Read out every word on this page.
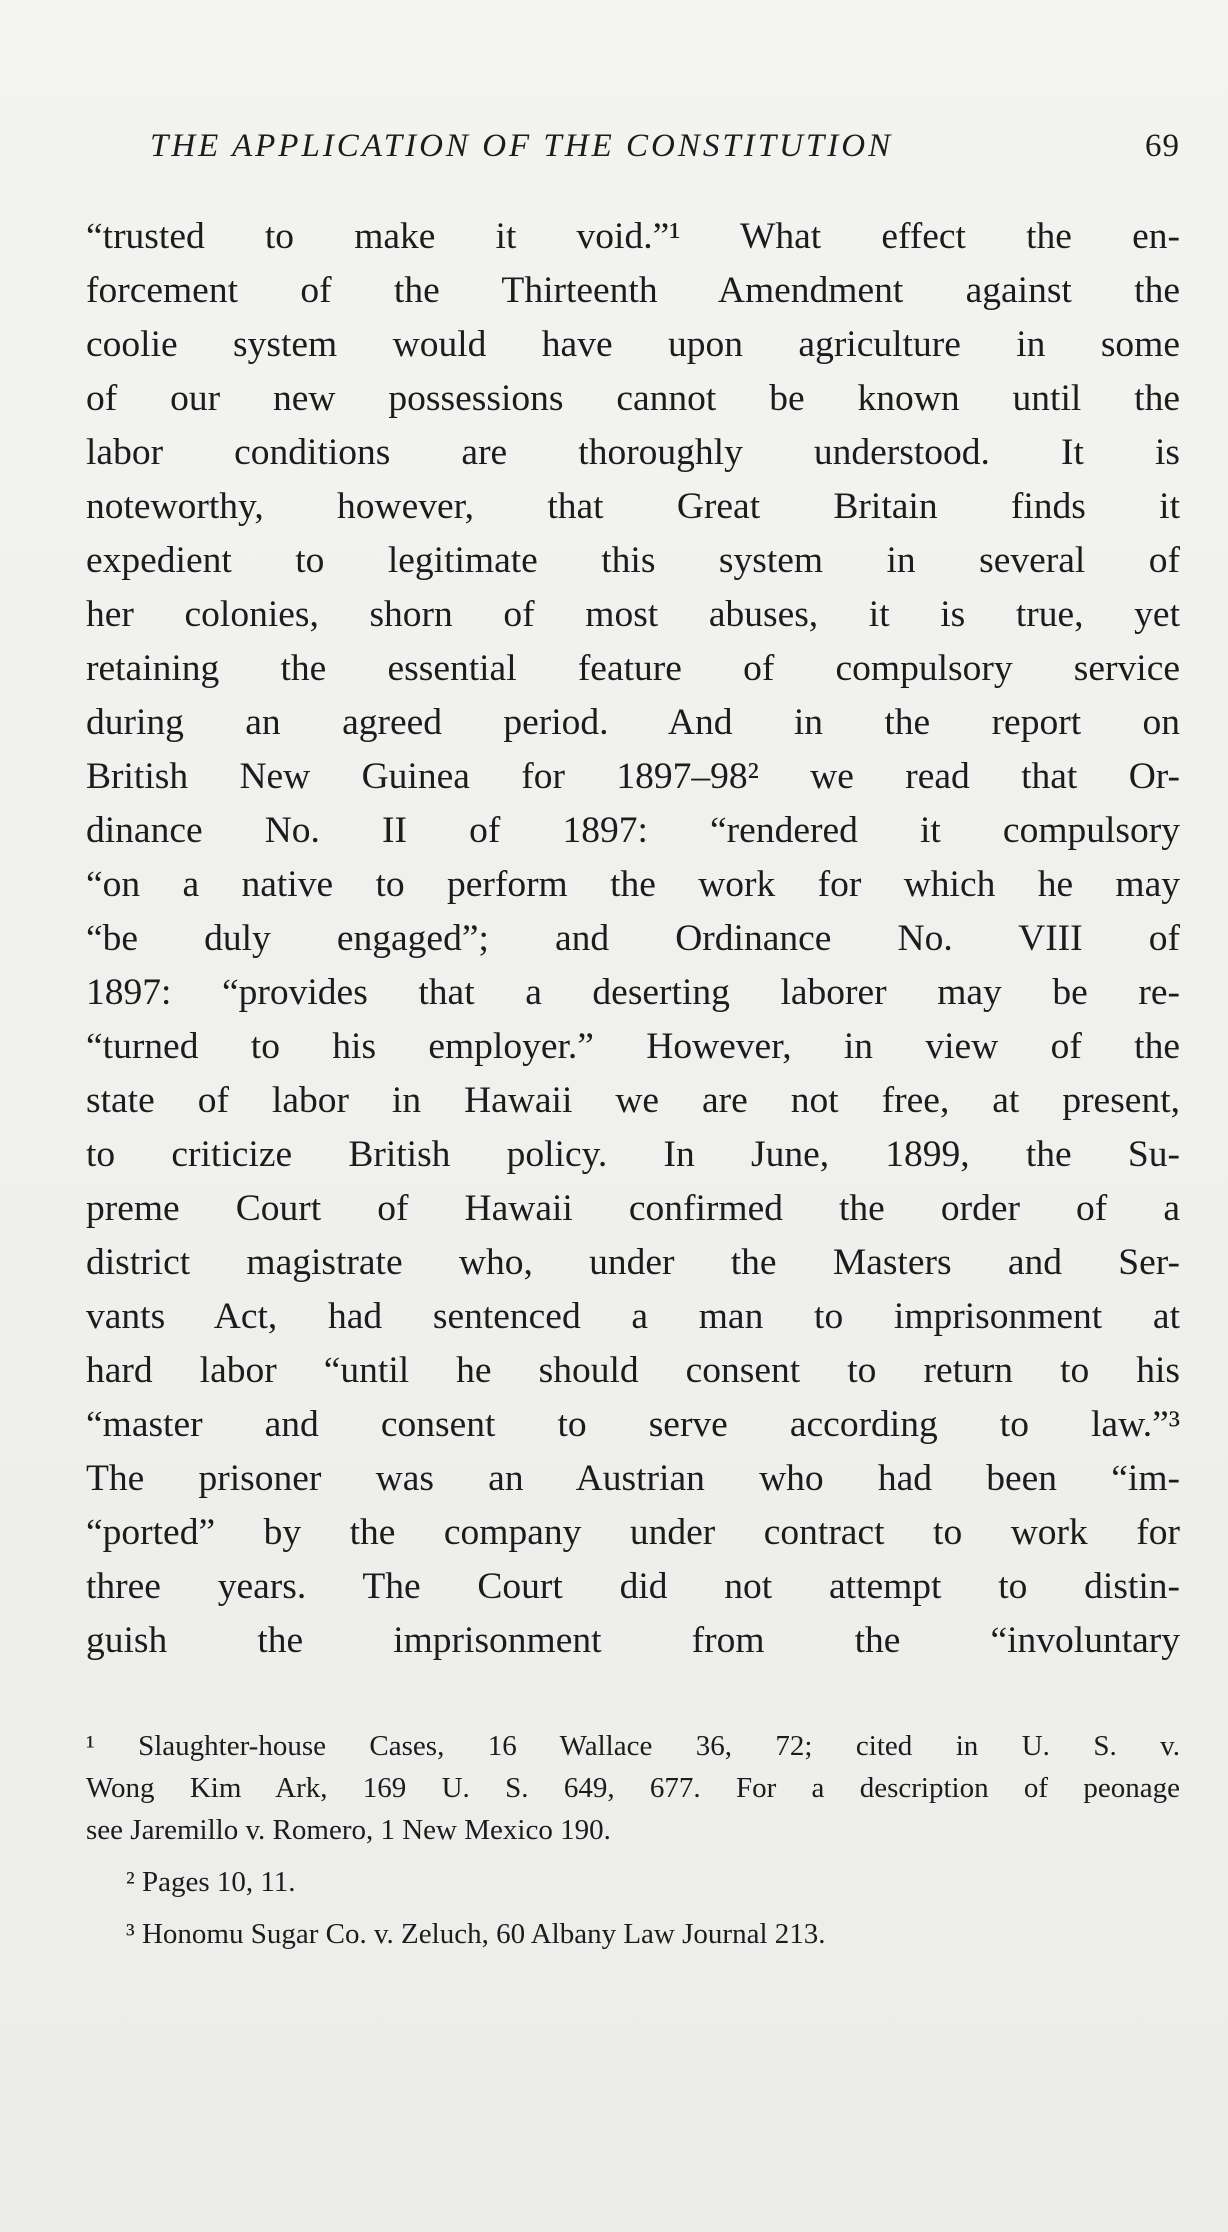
THE APPLICATION OF THE CONSTITUTION	69
“trusted to make it void.”¹ What effect the en-
forcement of the Thirteenth Amendment against the
coolie system would have upon agriculture in some
of our new possessions cannot be known until the
labor conditions are thoroughly understood. It is
noteworthy, however, that Great Britain finds it
expedient to legitimate this system in several of
her colonies, shorn of most abuses, it is true, yet
retaining the essential feature of compulsory service
during an agreed period. And in the report on
British New Guinea for 1897–98² we read that Or-
dinance No. II of 1897: “rendered it compulsory
“on a native to perform the work for which he may
“be duly engaged”; and Ordinance No. VIII of
1897: “provides that a deserting laborer may be re-
“turned to his employer.” However, in view of the
state of labor in Hawaii we are not free, at present,
to criticize British policy. In June, 1899, the Su-
preme Court of Hawaii confirmed the order of a
district magistrate who, under the Masters and Ser-
vants Act, had sentenced a man to imprisonment at
hard labor “until he should consent to return to his
“master and consent to serve according to law.”³
The prisoner was an Austrian who had been “im-
“ported” by the company under contract to work for
three years. The Court did not attempt to distin-
guish the imprisonment from the “involuntary
¹ Slaughter-house Cases, 16 Wallace 36, 72; cited in U. S. v.
Wong Kim Ark, 169 U. S. 649, 677. For a description of peonage
see Jaremillo v. Romero, 1 New Mexico 190.
² Pages 10, 11.
³ Honomu Sugar Co. v. Zeluch, 60 Albany Law Journal 213.
